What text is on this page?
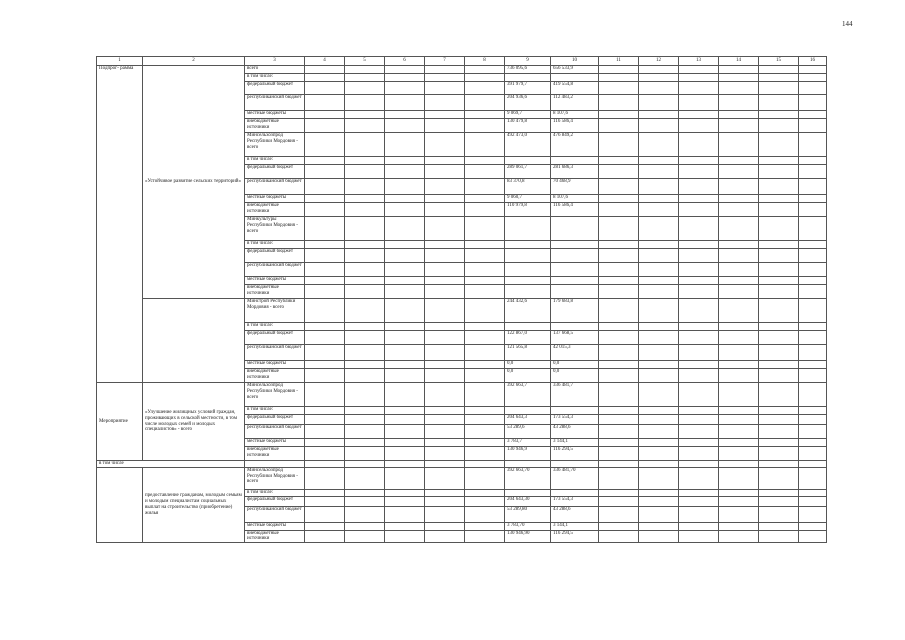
144
1	2	3	4	5	6	7	8	9	10	11	12	13	14	15	16
Подпрог- рамма	«Устойчивое развитие сельских территорий»	всего						736 095,6	656 533,9						
		в том числе:													
		федеральный бюджет						391 979,7	419 554,8						
		республиканский бюджет						204 936,6	112 483,2						
		местные бюджеты						9 069,7	8 107,6						
		внебюджетные источники						130 479,8	116 586,4						
		Минсельхозпрод Республики Мордовия - всего						492 473,0	476 849,2						
		в том числе:													
		федеральный бюджет						289 061,7	281 686,3						
		республиканский бюджет						83 370,8	70 468,9						
		местные бюджеты						9 060,7	8 107,6						
		внебюджетные источники						110 979,8	116 586,4						
		Минкультуры Республики Мордовия - всего													
		в том числе:													
		федеральный бюджет													
		республиканский бюджет													
		местные бюджеты													
		внебюджетные источники													
		Минстрой Республики Мордовия - всего						244 432,6	179 683,8						
		в том числе:													
		федеральный бюджет						122 867,0	137 668,5						
		республиканский бюджет						121 565,8	42 015,3						
		местные бюджеты						0,0	0,0						
		внебюджетные источники						0,0	0,0						
Мероприятие	«Улучшение жилищных условий граждан, проживающих в сельской местности, в том числе молодых семей и молодых специалистов» - всего	Минсельхозпрод Республики Мордовия - всего						392 663,7	336 481,7						
		в том числе:													
		федеральный бюджет						204 643,3	173 554,3						
		республиканский бюджет						53 289,6	43 288,6						
		местные бюджеты						3 783,7	3 144,1						
		внебюджетные источники						130 946,9	116 294,5						
в том числе															
	предоставление гражданам, молодым семьям и молодым специалистам социальных выплат на строительство (приобретение) жилья	Минсельхозпрод Республики Мордовия - всего						392 663,70	336 481,70						
		в том числе:													
		федеральный бюджет						204 643,30	173 554,3						
		республиканский бюджет						53 289,80	43 288,6						
		местные бюджеты						3 783,70	3 144,1						
		внебюджетные источники						130 946,90	116 294,5						
